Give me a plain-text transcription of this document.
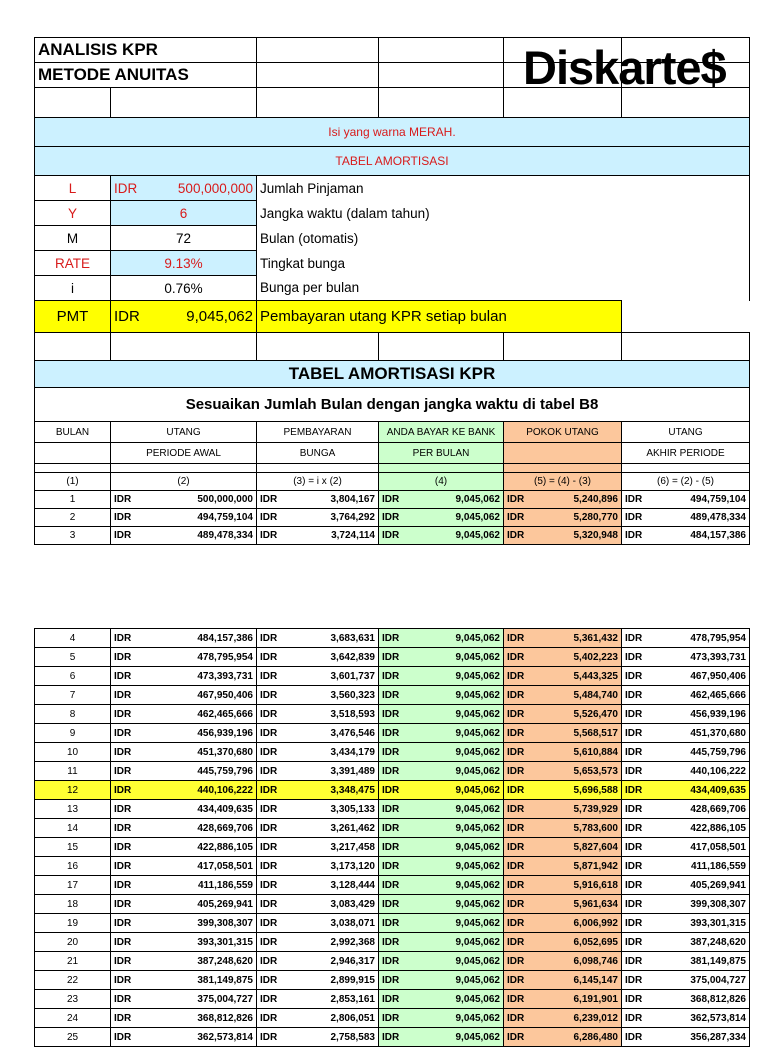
ANALISIS KPR					
METODE ANUITAS					

Isi yang warna MERAH.					
TABEL AMORTISASI					
L	IDR 500,000,000	Jumlah Pinjaman			
Y	6	Jangka waktu (dalam tahun)			
M	72	Bulan (otomatis)			
RATE	9.13%	Tingkat bunga			
i	0.76%	Bunga per bulan			
PMT	IDR 9,045,062	Pembayaran utang KPR setiap bulan			

TABEL AMORTISASI KPR					
Sesuaikan Jumlah Bulan dengan jangka waktu di tabel B8					
BULAN	UTANG	PEMBAYARAN	ANDA BAYAR KE BANK	POKOK UTANG	UTANG
	PERIODE AWAL	BUNGA	PER BULAN		AKHIR PERIODE

(1)	(2)	(3) = i x (2)	(4)	(5) = (4) - (3)	(6) = (2) - (5)
1	IDR 500,000,000	IDR 3,804,167	IDR 9,045,062	IDR 5,240,896	IDR 494,759,104

2	IDR 494,759,104	IDR 3,764,292	IDR 9,045,062	IDR 5,280,770	IDR 489,478,334

3	IDR 489,478,334	IDR 3,724,114	IDR 9,045,062	IDR 5,320,948	IDR 484,157,386
Diskarte$
4	IDR 484,157,386	IDR 3,683,631	IDR 9,045,062	IDR 5,361,432	IDR 478,795,954

5	IDR 478,795,954	IDR 3,642,839	IDR 9,045,062	IDR 5,402,223	IDR 473,393,731

6	IDR 473,393,731	IDR 3,601,737	IDR 9,045,062	IDR 5,443,325	IDR 467,950,406

7	IDR 467,950,406	IDR 3,560,323	IDR 9,045,062	IDR 5,484,740	IDR 462,465,666

8	IDR 462,465,666	IDR 3,518,593	IDR 9,045,062	IDR 5,526,470	IDR 456,939,196

9	IDR 456,939,196	IDR 3,476,546	IDR 9,045,062	IDR 5,568,517	IDR 451,370,680

10	IDR 451,370,680	IDR 3,434,179	IDR 9,045,062	IDR 5,610,884	IDR 445,759,796

11	IDR 445,759,796	IDR 3,391,489	IDR 9,045,062	IDR 5,653,573	IDR 440,106,222

12	IDR 440,106,222	IDR 3,348,475	IDR 9,045,062	IDR 5,696,588	IDR 434,409,635

13	IDR 434,409,635	IDR 3,305,133	IDR 9,045,062	IDR 5,739,929	IDR 428,669,706

14	IDR 428,669,706	IDR 3,261,462	IDR 9,045,062	IDR 5,783,600	IDR 422,886,105

15	IDR 422,886,105	IDR 3,217,458	IDR 9,045,062	IDR 5,827,604	IDR 417,058,501

16	IDR 417,058,501	IDR 3,173,120	IDR 9,045,062	IDR 5,871,942	IDR 411,186,559

17	IDR 411,186,559	IDR 3,128,444	IDR 9,045,062	IDR 5,916,618	IDR 405,269,941

18	IDR 405,269,941	IDR 3,083,429	IDR 9,045,062	IDR 5,961,634	IDR 399,308,307

19	IDR 399,308,307	IDR 3,038,071	IDR 9,045,062	IDR 6,006,992	IDR 393,301,315

20	IDR 393,301,315	IDR 2,992,368	IDR 9,045,062	IDR 6,052,695	IDR 387,248,620

21	IDR 387,248,620	IDR 2,946,317	IDR 9,045,062	IDR 6,098,746	IDR 381,149,875

22	IDR 381,149,875	IDR 2,899,915	IDR 9,045,062	IDR 6,145,147	IDR 375,004,727

23	IDR 375,004,727	IDR 2,853,161	IDR 9,045,062	IDR 6,191,901	IDR 368,812,826

24	IDR 368,812,826	IDR 2,806,051	IDR 9,045,062	IDR 6,239,012	IDR 362,573,814

25	IDR 362,573,814	IDR 2,758,583	IDR 9,045,062	IDR 6,286,480	IDR 356,287,334
